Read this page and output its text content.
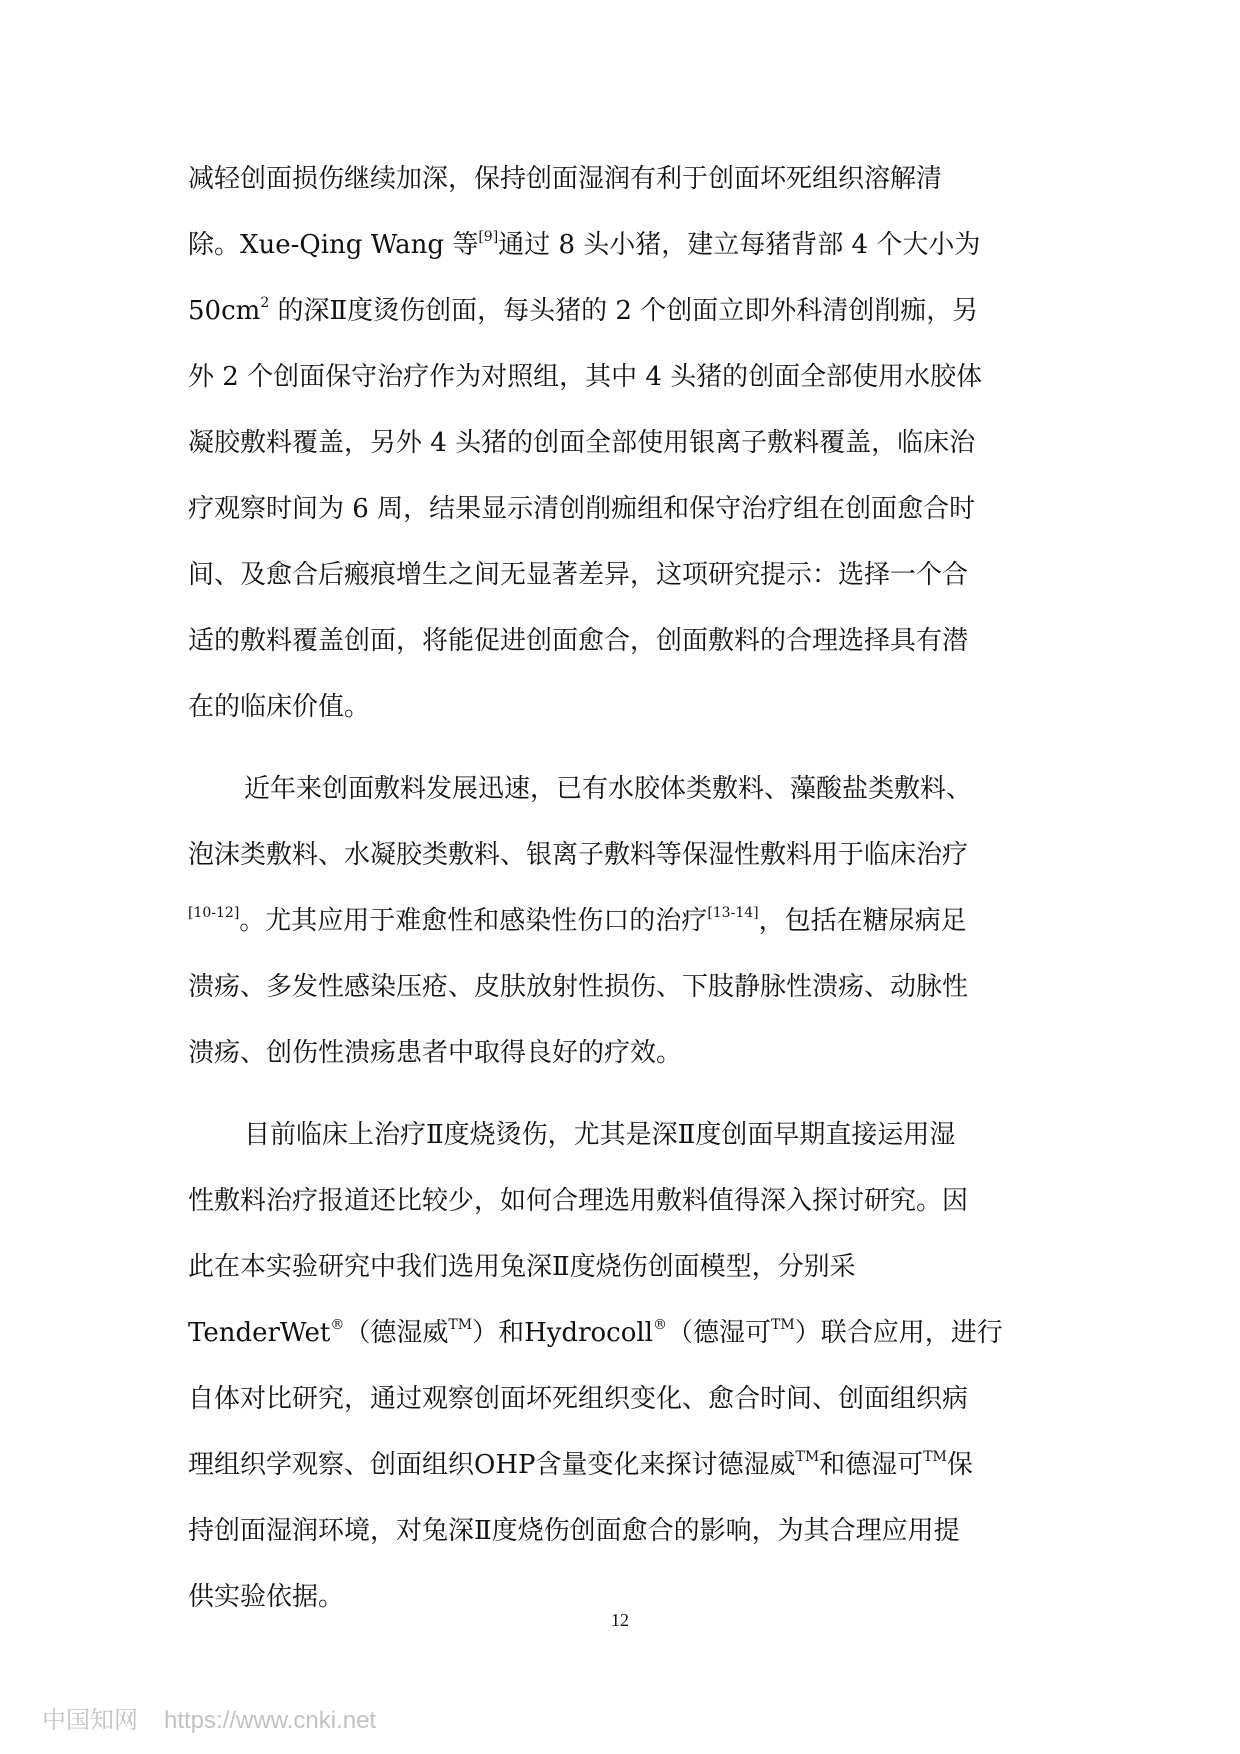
减轻创面损伤继续加深，保持创面湿润有利于创面坏死组织溶解清
除。Xue-Qing Wang 等[9]通过 8 头小猪，建立每猪背部 4 个大小为
$50cm^2$ 的深Ⅱ度烫伤创面，每头猪的 2 个创面立即外科清创削痂，另
外 2 个创面保守治疗作为对照组，其中 4 头猪的创面全部使用水胶体
凝胶敷料覆盖，另外 4 头猪的创面全部使用银离子敷料覆盖，临床治
疗观察时间为 6 周，结果显示清创削痂组和保守治疗组在创面愈合时
间、及愈合后瘢痕增生之间无显著差异，这项研究提示：选择一个合
适的敷料覆盖创面，将能促进创面愈合，创面敷料的合理选择具有潜
在的临床价值。
近年来创面敷料发展迅速，已有水胶体类敷料、藻酸盐类敷料、
泡沫类敷料、水凝胶类敷料、银离子敷料等保湿性敷料用于临床治疗
[10-12]。尤其应用于难愈性和感染性伤口的治疗[13-14]，包括在糖尿病足
溃疡、多发性感染压疮、皮肤放射性损伤、下肢静脉性溃疡、动脉性
溃疡、创伤性溃疡患者中取得良好的疗效。
目前临床上治疗Ⅱ度烧烫伤，尤其是深Ⅱ度创面早期直接运用湿
性敷料治疗报道还比较少，如何合理选用敷料值得深入探讨研究。因
此在本实验研究中我们选用兔深Ⅱ度烧伤创面模型，分别采
TenderWet®（德湿威™）和Hydrocoll®（德湿可™）联合应用，进行
自体对比研究，通过观察创面坏死组织变化、愈合时间、创面组织病
理组织学观察、创面组织OHP含量变化来探讨德湿威™和德湿可™保
持创面湿润环境，对兔深Ⅱ度烧伤创面愈合的影响，为其合理应用提
供实验依据。
12
中国知网 https://www.cnki.net
